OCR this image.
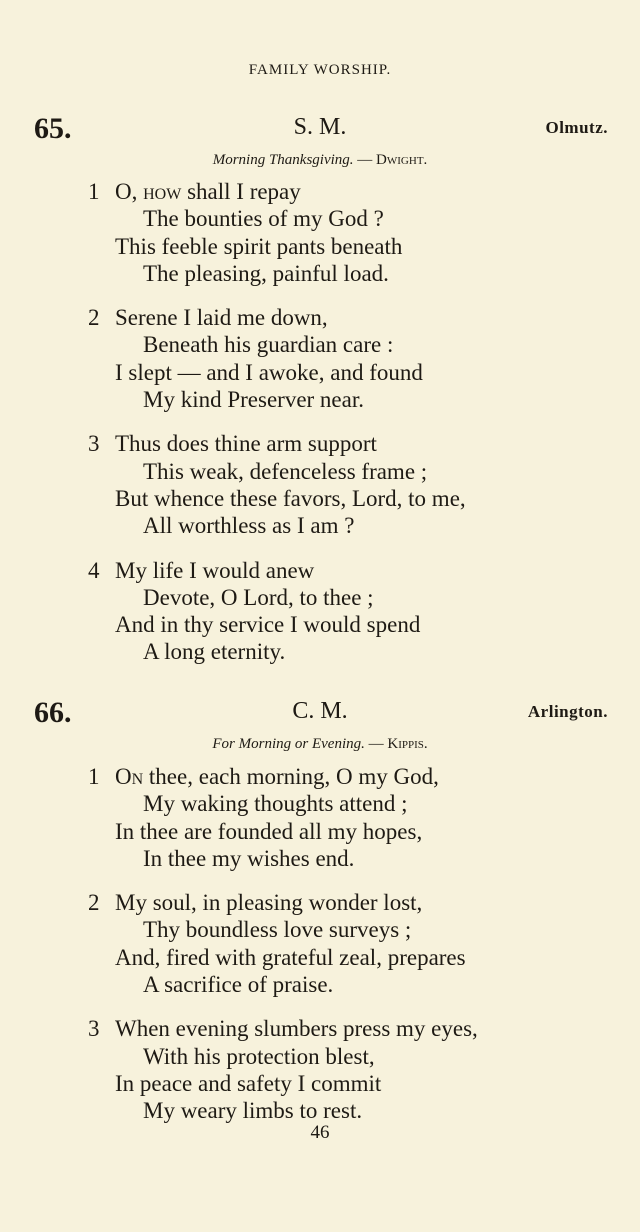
FAMILY WORSHIP.
65.	S. M.	Olmutz.
Morning Thanksgiving. — Dwight.
1 O, how shall I repay
The bounties of my God ?
This feeble spirit pants beneath
The pleasing, painful load.
2 Serene I laid me down,
Beneath his guardian care :
I slept — and I awoke, and found
My kind Preserver near.
3 Thus does thine arm support
This weak, defenceless frame ;
But whence these favors, Lord, to me,
All worthless as I am ?
4 My life I would anew
Devote, O Lord, to thee ;
And in thy service I would spend
A long eternity.
66.	C. M.	Arlington.
For Morning or Evening. — Kippis.
1 On thee, each morning, O my God,
My waking thoughts attend ;
In thee are founded all my hopes,
In thee my wishes end.
2 My soul, in pleasing wonder lost,
Thy boundless love surveys ;
And, fired with grateful zeal, prepares
A sacrifice of praise.
3 When evening slumbers press my eyes,
With his protection blest,
In peace and safety I commit
My weary limbs to rest.
46
